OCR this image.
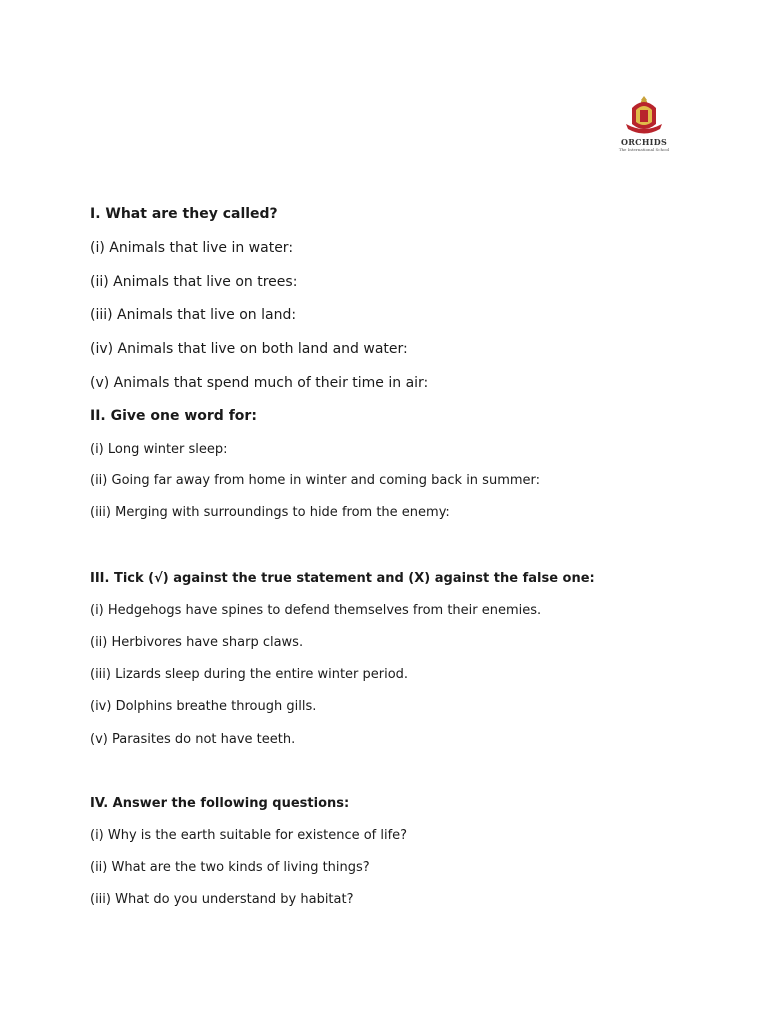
ORCHIDS
The International School
I. What are they called?
(i) Animals that live in water:
(ii) Animals that live on trees:
(iii) Animals that live on land:
(iv) Animals that live on both land and water:
(v) Animals that spend much of their time in air:
II. Give one word for:
(i) Long winter sleep:
(ii) Going far away from home in winter and coming back in summer:
(iii) Merging with surroundings to hide from the enemy:
III. Tick (√) against the true statement and (X) against the false one:
(i) Hedgehogs have spines to defend themselves from their enemies.
(ii) Herbivores have sharp claws.
(iii) Lizards sleep during the entire winter period.
(iv) Dolphins breathe through gills.
(v) Parasites do not have teeth.
IV. Answer the following questions:
(i) Why is the earth suitable for existence of life?
(ii) What are the two kinds of living things?
(iii) What do you understand by habitat?
